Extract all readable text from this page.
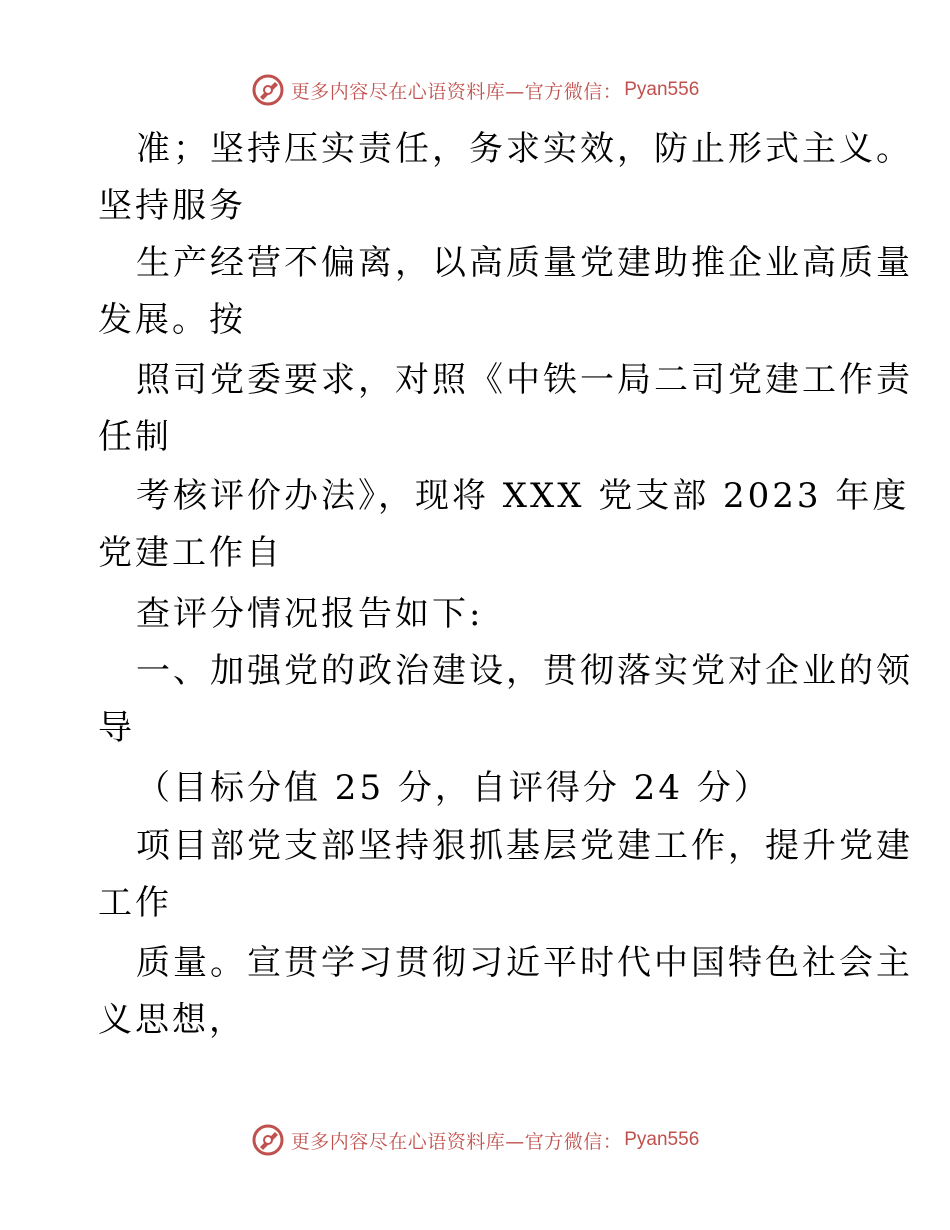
更多内容尽在心语资料库—官方微信： Pyan556
准；坚持压实责任，务求实效，防止形式主义。
坚持服务
生产经营不偏离，以高质量党建助推企业高质量
发展。按
照司党委要求，对照《中铁一局二司党建工作责
任制
考核评价办法》，现将 XXX 党支部 2023 年度
党建工作自
查评分情况报告如下:
一、加强党的政治建设，贯彻落实党对企业的领
导
（目标分值 25 分，自评得分 24 分）
项目部党支部坚持狠抓基层党建工作，提升党建
工作
质量。宣贯学习贯彻习近平时代中国特色社会主
义思想，
更多内容尽在心语资料库—官方微信： Pyan556
